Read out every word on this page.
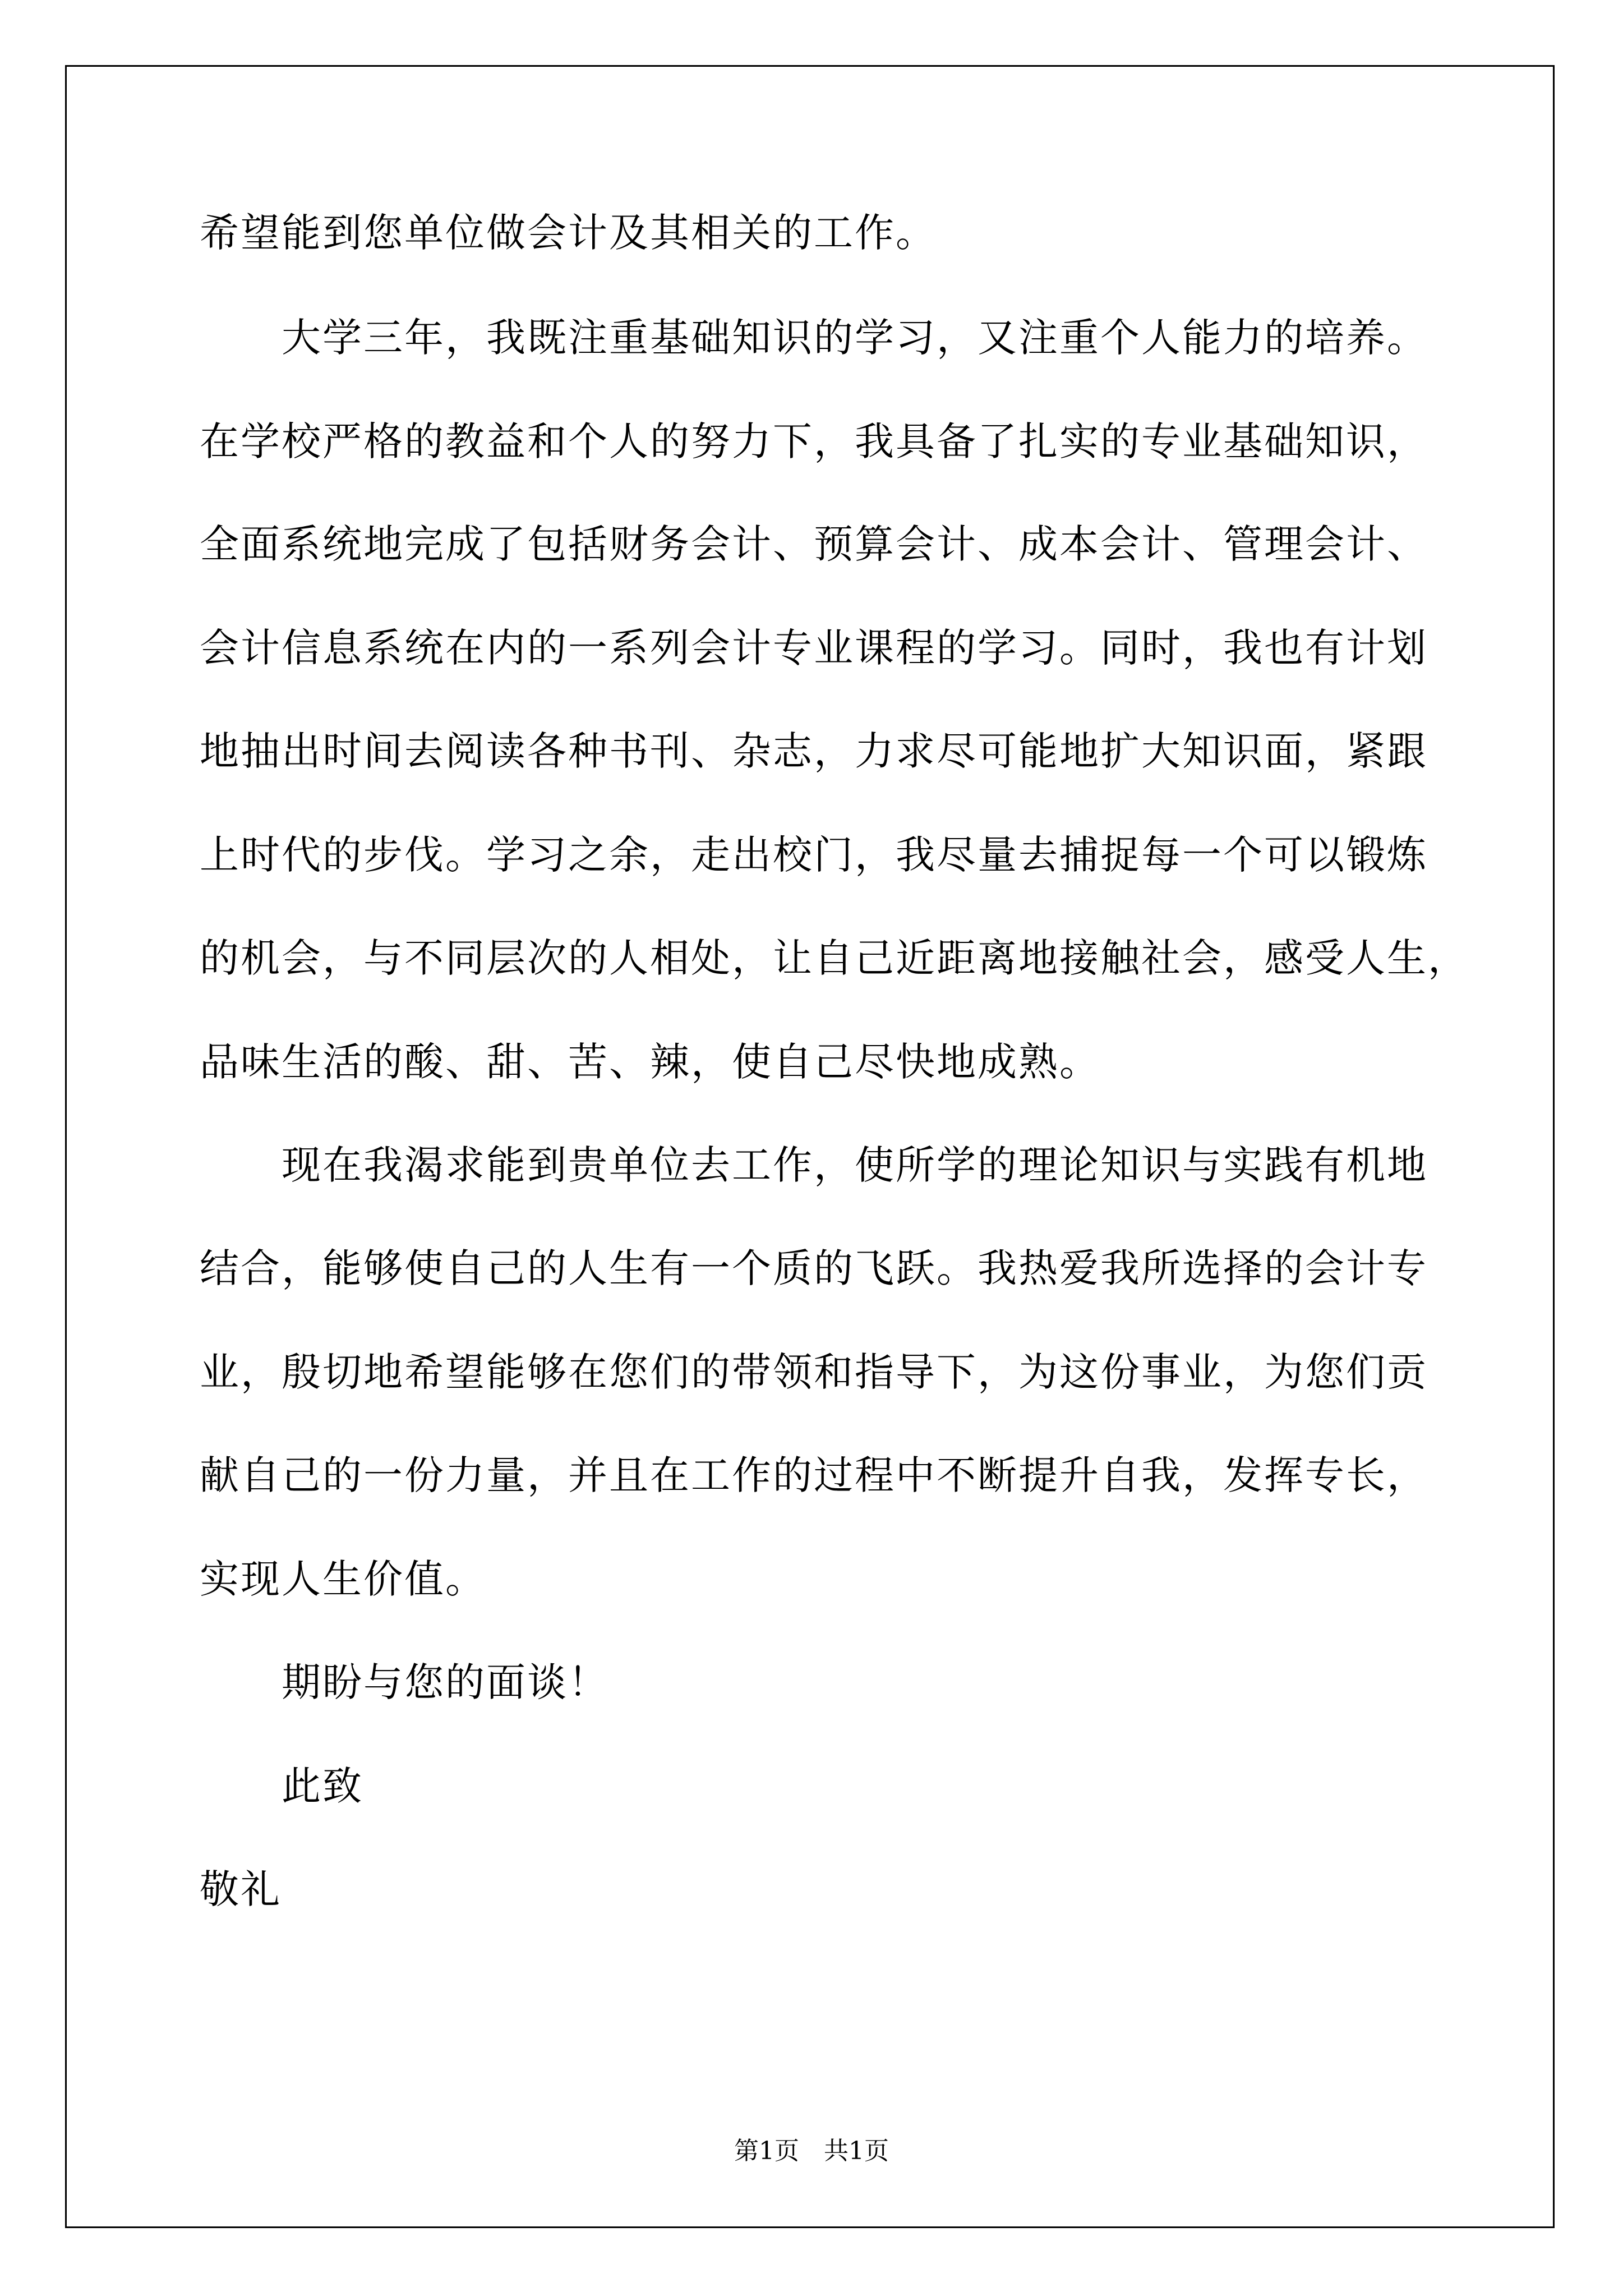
希望能到您单位做会计及其相关的工作。
大学三年，我既注重基础知识的学习，又注重个人能力的培养。
在学校严格的教益和个人的努力下，我具备了扎实的专业基础知识，
全面系统地完成了包括财务会计、预算会计、成本会计、管理会计、
会计信息系统在内的一系列会计专业课程的学习。同时，我也有计划
地抽出时间去阅读各种书刊、杂志，力求尽可能地扩大知识面，紧跟
上时代的步伐。学习之余，走出校门，我尽量去捕捉每一个可以锻炼
的机会，与不同层次的人相处，让自己近距离地接触社会，感受人生，
品味生活的酸、甜、苦、辣，使自己尽快地成熟。
现在我渴求能到贵单位去工作，使所学的理论知识与实践有机地
结合，能够使自己的人生有一个质的飞跃。我热爱我所选择的会计专
业，殷切地希望能够在您们的带领和指导下，为这份事业，为您们贡
献自己的一份力量，并且在工作的过程中不断提升自我，发挥专长，
实现人生价值。
期盼与您的面谈！
此致
敬礼
第1页　共1页
